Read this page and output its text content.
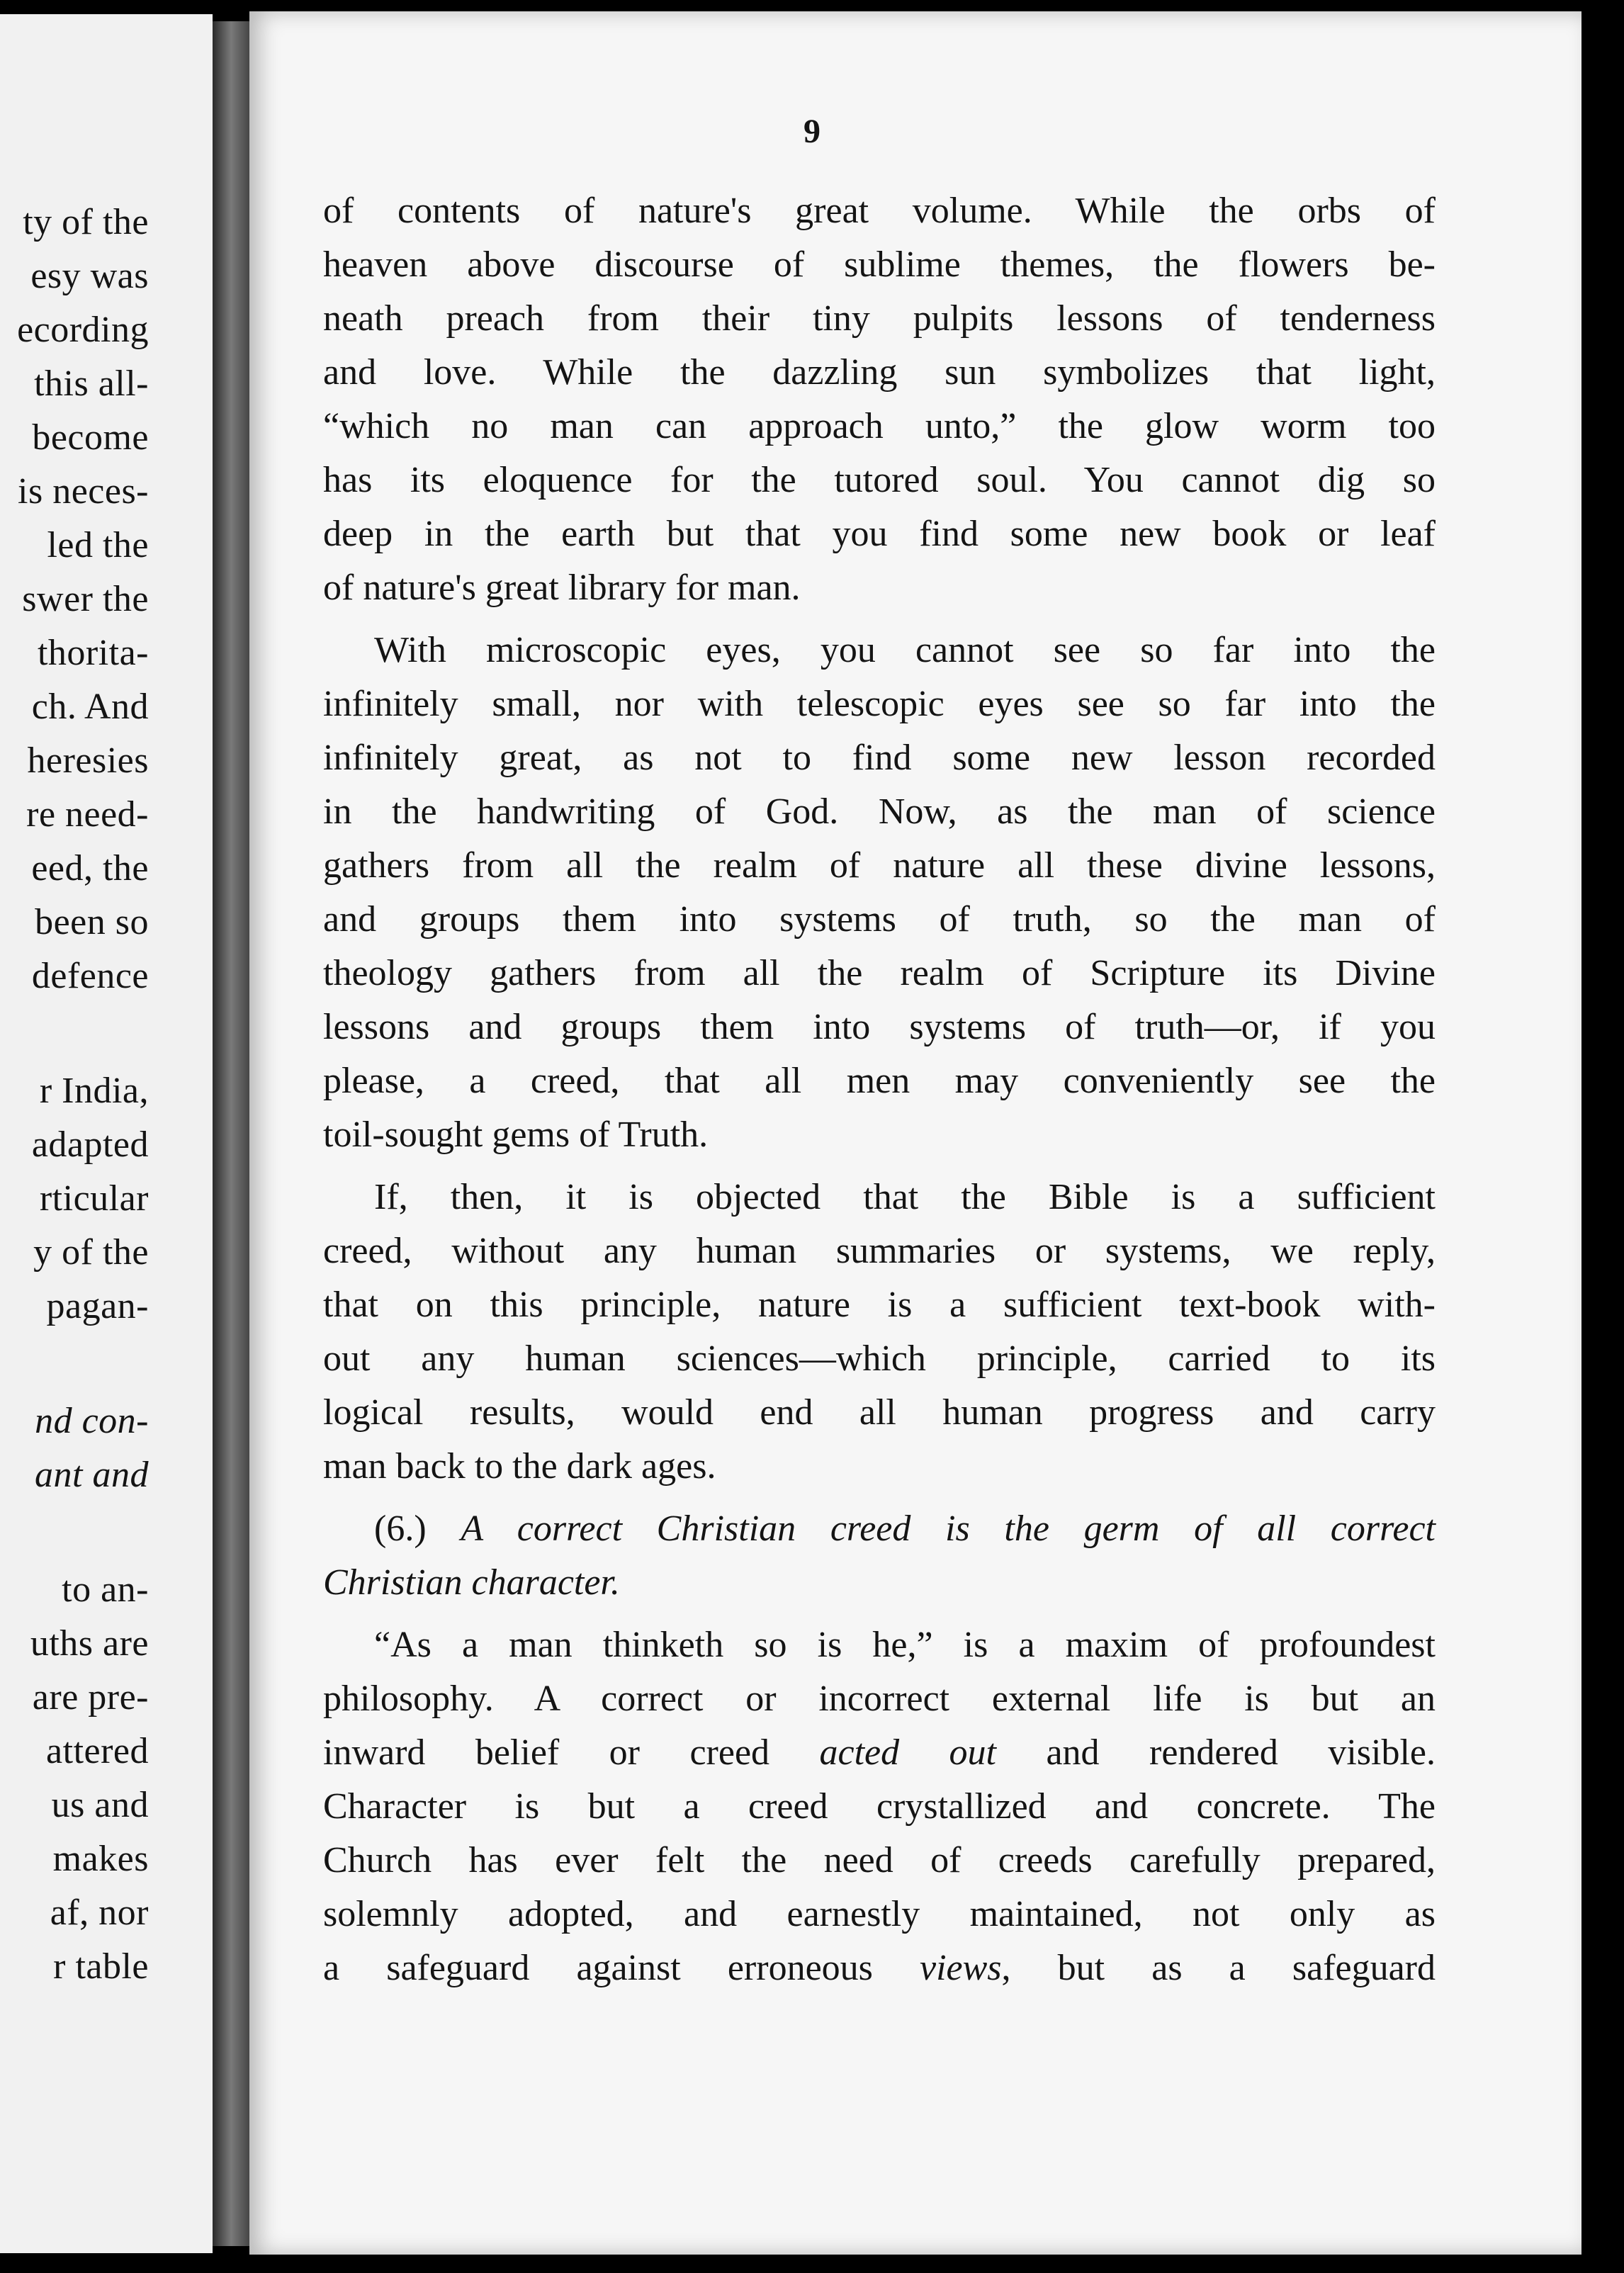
ty of the
esy was
ecording
this all-
become
is neces-
led the
swer the
thorita-
ch. And
heresies
re need-
eed, the
been so
defence
r India,
adapted
rticular
y of the
pagan-
nd con-
ant and
to an-
uths are
are pre-
attered
us and
makes
af, nor
r table
9
of contents of nature's great volume. While the orbs of
heaven above discourse of sublime themes, the flowers be-
neath preach from their tiny pulpits lessons of tenderness
and love. While the dazzling sun symbolizes that light,
“which no man can approach unto,” the glow worm too
has its eloquence for the tutored soul. You cannot dig so
deep in the earth but that you find some new book or leaf
of nature's great library for man.
With microscopic eyes, you cannot see so far into the
infinitely small, nor with telescopic eyes see so far into the
infinitely great, as not to find some new lesson recorded
in the handwriting of God. Now, as the man of science
gathers from all the realm of nature all these divine lessons,
and groups them into systems of truth, so the man of
theology gathers from all the realm of Scripture its Divine
lessons and groups them into systems of truth—or, if you
please, a creed, that all men may conveniently see the
toil-sought gems of Truth.
If, then, it is objected that the Bible is a sufficient
creed, without any human summaries or systems, we reply,
that on this principle, nature is a sufficient text-book with-
out any human sciences—which principle, carried to its
logical results, would end all human progress and carry
man back to the dark ages.
(6.) A correct Christian creed is the germ of all correct
Christian character.
“As a man thinketh so is he,” is a maxim of profoundest
philosophy. A correct or incorrect external life is but an
inward belief or creed acted out and rendered visible.
Character is but a creed crystallized and concrete. The
Church has ever felt the need of creeds carefully prepared,
solemnly adopted, and earnestly maintained, not only as
a safeguard against erroneous views, but as a safeguard
